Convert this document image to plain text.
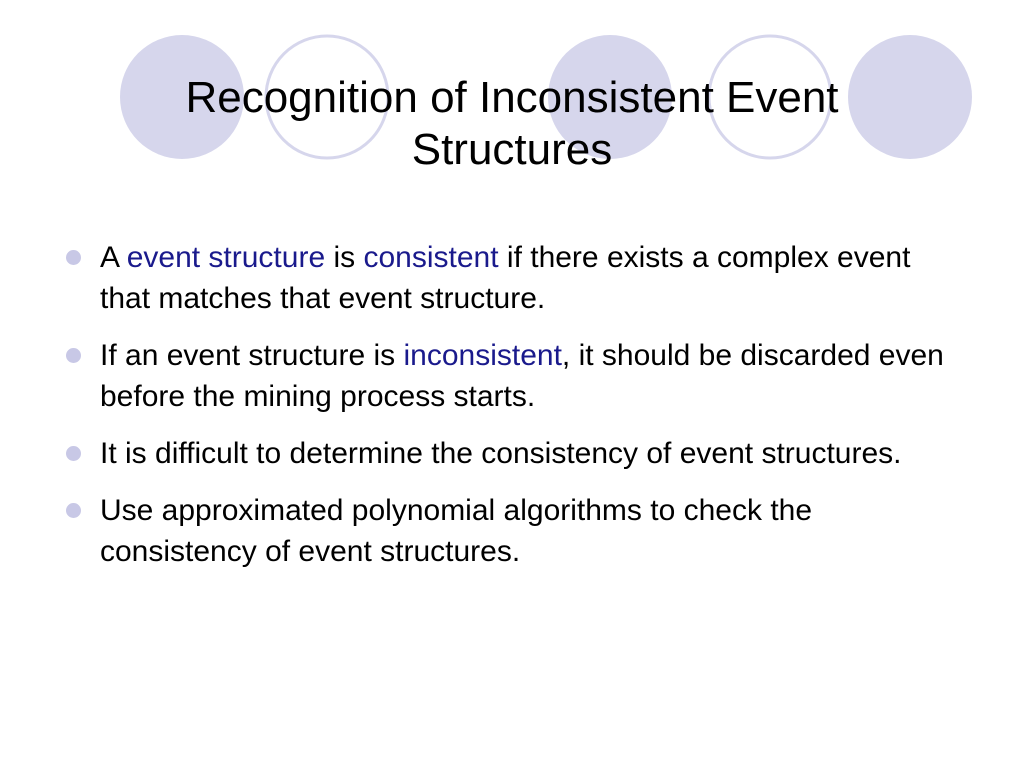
Recognition of Inconsistent Event
Structures
A event structure is consistent if there exists a complex event that matches that event structure.
If an event structure is inconsistent, it should be discarded even before the mining process starts.
It is difficult to determine the consistency of event structures.
Use approximated polynomial algorithms to check the consistency of event structures.
